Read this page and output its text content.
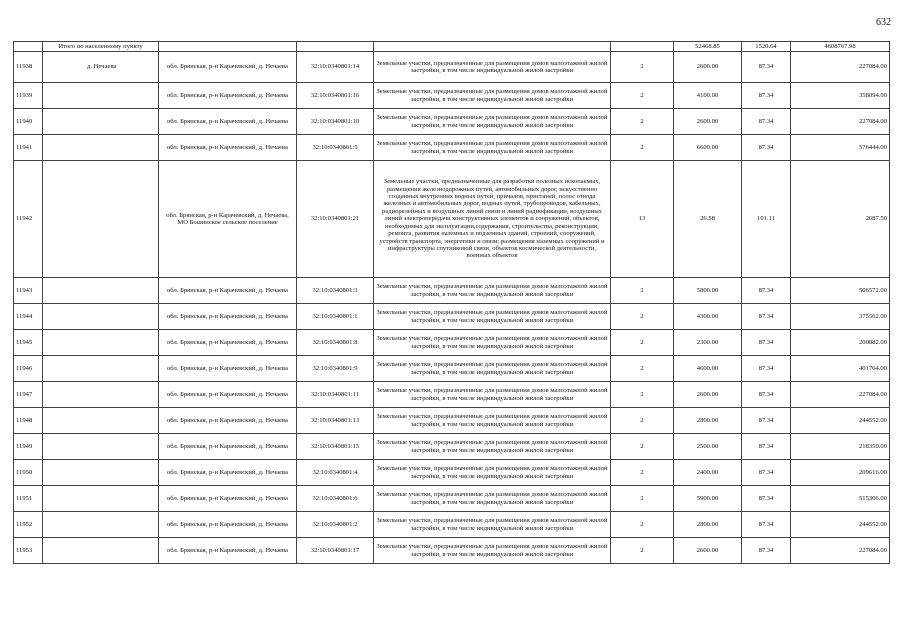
632
	Итого по населенному пункту					52468.85	1520.64	4608767.98
11938	д. Нечаева	обл. Брянская, р-н Карачевский, д. Нечаева	32:10:0340801:14	Земельные участки, предназначенные для размещения домов малоэтажной жилой застройки, в том числе индивидуальной жилой застройки	2	2600.00	87.34	227084.00
11939		обл. Брянская, р-н Карачевский, д. Нечаева	32:10:0340801:16	Земельные участки, предназначенные для размещения домов малоэтажной жилой застройки, в том числе индивидуальной жилой застройки	2	4100.00	87.34	358094.00
11940		обл. Брянская, р-н Карачевский, д. Нечаева	32:10:0340801:10	Земельные участки, предназначенные для размещения домов малоэтажной жилой застройки, в том числе индивидуальной жилой застройки	2	2600.00	87.34	227084.00
11941		обл. Брянская, р-н Карачевский, д. Нечаева	32:10:0340801:5	Земельные участки, предназначенные для размещения домов малоэтажной жилой застройки, в том числе индивидуальной жилой застройки	2	6600.00	87.34	576444.00
11942		обл. Брянская, р-н Карачевский, д. Нечаева, МО Бошинское сельское поселение	32:10:0340801:21	Земельные участки, предназначенные для разработки полезных ископаемых, размещения железнодорожных путей, автомобильных дорог, искусственно созданных внутренних водных путей, причалов, пристаней, полос отвода железных и автомобильных дорог, водных путей, трубопроводов, кабельных, радиорелейных и воздушных линий связи и линий радиофикации, воздушных линий электропередачи конструктивных элементов и сооружений, объектов, необходимых для эксплуатации,содержания, строительства, реконструкции, ремонта, развития наземных и подземных зданий, строений, сооружений, устройств транспорта, энергетики и связи; размещения наземных сооружений и инфраструктуры спутниковой связи, объектов космической деятельности, военных объектов	13	26.58	101.11	2687.50
11943		обл. Брянская, р-н Карачевский, д. Нечаева	32:10:0340801:3	Земельные участки, предназначенные для размещения домов малоэтажной жилой застройки, в том числе индивидуальной жилой застройки	2	5800.00	87.34	506572.00
11944		обл. Брянская, р-н Карачевский, д. Нечаева	32:10:0340801:1	Земельные участки, предназначенные для размещения домов малоэтажной жилой застройки, в том числе индивидуальной жилой застройки	2	4300.00	87.34	375562.00
11945		обл. Брянская, р-н Карачевский, д. Нечаева	32:10:0340801:8	Земельные участки, предназначенные для размещения домов малоэтажной жилой застройки, в том числе индивидуальной жилой застройки	2	2300.00	87.34	200882.00
11946		обл. Брянская, р-н Карачевский, д. Нечаева	32:10:0340801:9	Земельные участки, предназначенные для размещения домов малоэтажной жилой застройки, в том числе индивидуальной жилой застройки	2	4600.00	87.34	401764.00
11947		обл. Брянская, р-н Карачевский, д. Нечаева	32:10:0340801:11	Земельные участки, предназначенные для размещения домов малоэтажной жилой застройки, в том числе индивидуальной жилой застройки	2	2600.00	87.34	227084.00
11948		обл. Брянская, р-н Карачевский, д. Нечаева	32:10:0340801:13	Земельные участки, предназначенные для размещения домов малоэтажной жилой застройки, в том числе индивидуальной жилой застройки	2	2800.00	87.34	244552.00
11949		обл. Брянская, р-н Карачевский, д. Нечаева	32:10:0340801:15	Земельные участки, предназначенные для размещения домов малоэтажной жилой застройки, в том числе индивидуальной жилой застройки	2	2500.00	87.34	218350.00
11950		обл. Брянская, р-н Карачевский, д. Нечаева	32:10:0340801:4	Земельные участки, предназначенные для размещения домов малоэтажной жилой застройки, в том числе индивидуальной жилой застройки	2	2400.00	87.34	209616.00
11951		обл. Брянская, р-н Карачевский, д. Нечаева	32:10:0340801:6	Земельные участки, предназначенные для размещения домов малоэтажной жилой застройки, в том числе индивидуальной жилой застройки	2	5900.00	87.34	515306.00
11952		обл. Брянская, р-н Карачевский, д. Нечаева	32:10:0340801:2	Земельные участки, предназначенные для размещения домов малоэтажной жилой застройки, в том числе индивидуальной жилой застройки	2	2800.00	87.34	244552.00
11953		обл. Брянская, р-н Карачевский, д. Нечаева	32:10:0340801:17	Земельные участки, предназначенные для размещения домов малоэтажной жилой застройки, в том числе индивидуальной жилой застройки	2	2600.00	87.34	227084.00
